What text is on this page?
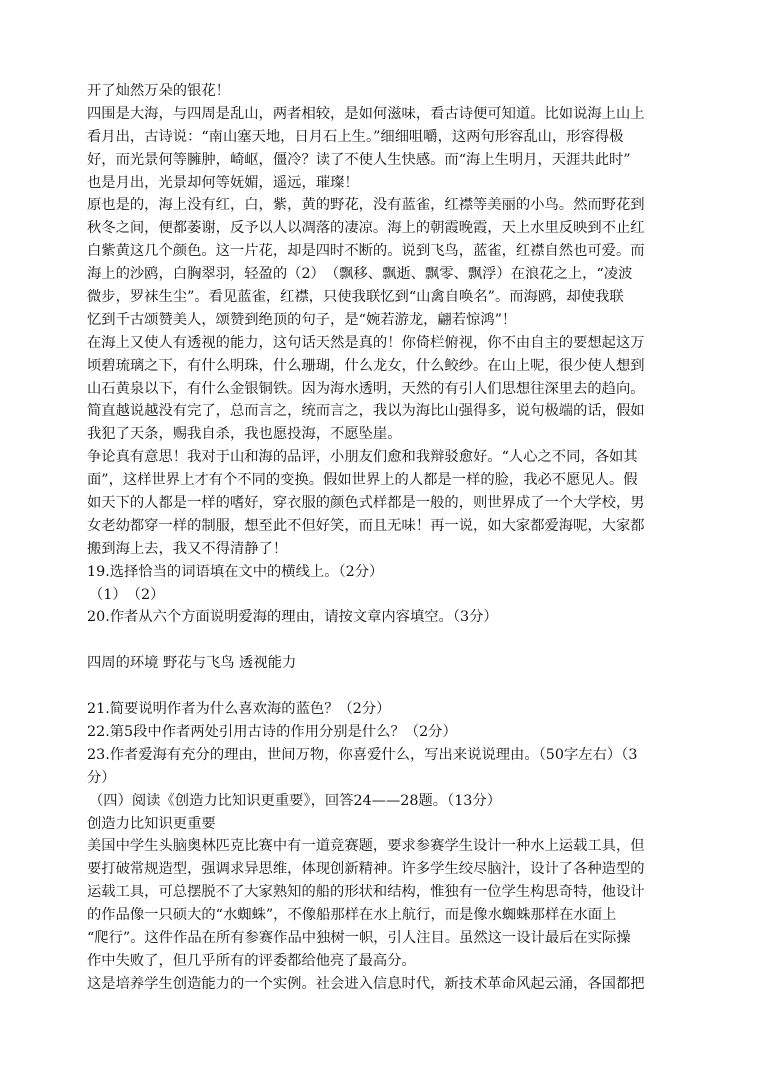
开了灿然万朵的银花！
四围是大海，与四周是乱山，两者相较，是如何滋味，看古诗便可知道。比如说海上山上
看月出，古诗说：“南山塞天地，日月石上生。”细细咀嚼，这两句形容乱山，形容得极
好，而光景何等臃肿，崎岖，僵冷？读了不使人生快感。而“海上生明月，天涯共此时”
也是月出，光景却何等妩媚，遥远，璀璨！
原也是的，海上没有红，白，紫，黄的野花，没有蓝雀，红襟等美丽的小鸟。然而野花到
秋冬之间，便都萎谢，反予以人以凋落的凄凉。海上的朝霞晚霞，天上水里反映到不止红
白紫黄这几个颜色。这一片花，却是四时不断的。说到飞鸟，蓝雀，红襟自然也可爱。而
海上的沙鸥，白胸翠羽，轻盈的（2）　（飘移、飘逝、飘零、飘浮）在浪花之上，“凌波
微步，罗袜生尘”。看见蓝雀，红襟，只使我联忆到“山禽自唤名”。而海鸥，却使我联
忆到千古颂赞美人，颂赞到绝顶的句子，是“婉若游龙，翩若惊鸿”！
在海上又使人有透视的能力，这句话天然是真的！你倚栏俯视，你不由自主的要想起这万
顷碧琉璃之下，有什么明珠，什么珊瑚，什么龙女，什么鲛纱。在山上呢，很少使人想到
山石黄泉以下，有什么金银铜铁。因为海水透明，天然的有引人们思想往深里去的趋向。
简直越说越没有完了，总而言之，统而言之，我以为海比山强得多，说句极端的话，假如
我犯了天条，赐我自杀，我也愿投海，不愿坠崖。
争论真有意思！我对于山和海的品评，小朋友们愈和我辩驳愈好。“人心之不同，各如其
面”，这样世界上才有个不同的变换。假如世界上的人都是一样的脸，我必不愿见人。假
如天下的人都是一样的嗜好，穿衣服的颜色式样都是一般的，则世界成了一个大学校，男
女老幼都穿一样的制服，想至此不但好笑，而且无味！再一说，如大家都爱海呢，大家都
搬到海上去，我又不得清静了！
19.选择恰当的词语填在文中的横线上。（2分）
（1）　（2）
20.作者从六个方面说明爱海的理由，请按文章内容填空。（3分）
四周的环境 野花与飞鸟 透视能力
21.简要说明作者为什么喜欢海的蓝色？（2分）
22.第5段中作者两处引用古诗的作用分别是什么？（2分）
23.作者爱海有充分的理由，世间万物，你喜爱什么，写出来说说理由。（50字左右）（3
分）
（四）阅读《创造力比知识更重要》，回答24——28题。（13分）
创造力比知识更重要
美国中学生头脑奥林匹克比赛中有一道竞赛题，要求参赛学生设计一种水上运载工具，但
要打破常规造型，强调求异思维，体现创新精神。许多学生绞尽脑汁，设计了各种造型的
运载工具，可总摆脱不了大家熟知的船的形状和结构，惟独有一位学生构思奇特，他设计
的作品像一只硕大的“水蜘蛛”，不像船那样在水上航行，而是像水蜘蛛那样在水面上
“爬行”。这件作品在所有参赛作品中独树一帜，引人注目。虽然这一设计最后在实际操
作中失败了，但几乎所有的评委都给他亮了最高分。
这是培养学生创造能力的一个实例。社会进入信息时代，新技术革命风起云涌，各国都把
